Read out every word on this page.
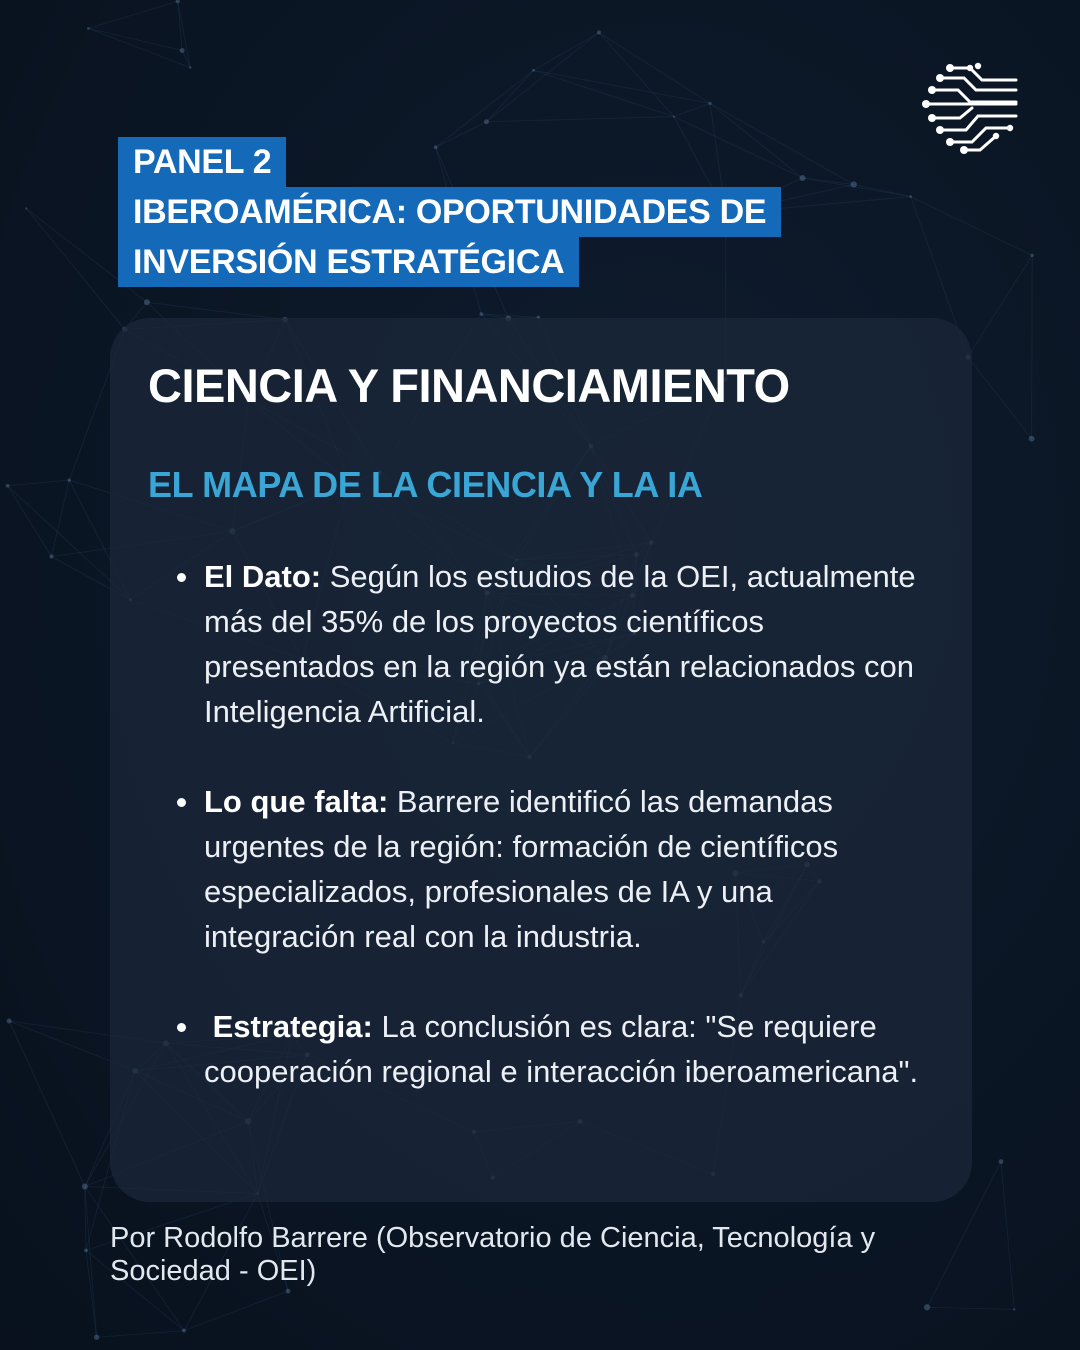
PANEL 2
IBEROAMÉRICA: OPORTUNIDADES DE
INVERSIÓN ESTRATÉGICA
CIENCIA Y FINANCIAMIENTO
EL MAPA DE LA CIENCIA Y LA IA
El Dato: Según los estudios de la OEI, actualmente más del 35% de los proyectos científicos presentados en la región ya están relacionados con Inteligencia Artificial.
Lo que falta: Barrere identificó las demandas urgentes de la región: formación de científicos especializados, profesionales de IA y una integración real con la industria.
Estrategia: La conclusión es clara: "Se requiere cooperación regional e interacción iberoamericana".
Por Rodolfo Barrere (Observatorio de Ciencia, Tecnología y Sociedad - OEI)
